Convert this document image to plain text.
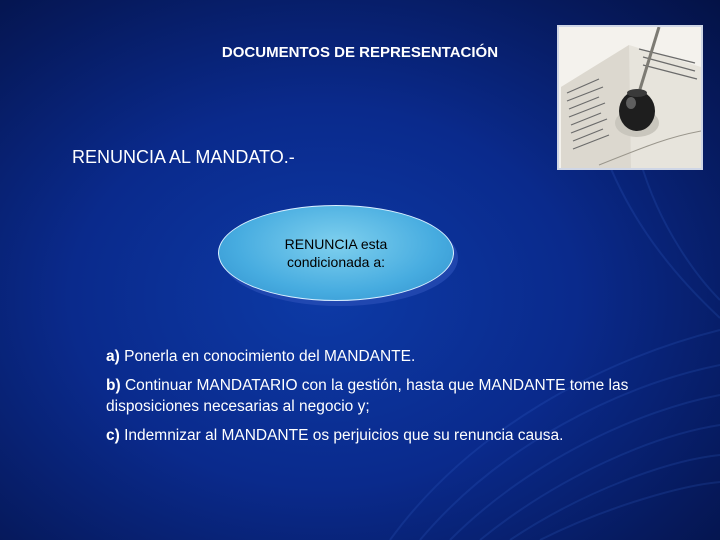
DOCUMENTOS DE REPRESENTACIÓN
RENUNCIA AL MANDATO.-
RENUNCIA esta condicionada a:
a) Ponerla en conocimiento del MANDANTE.
b) Continuar MANDATARIO con la gestión, hasta que MANDANTE tome las disposiciones necesarias al negocio y;
c) Indemnizar al MANDANTE os perjuicios que su renuncia causa.
